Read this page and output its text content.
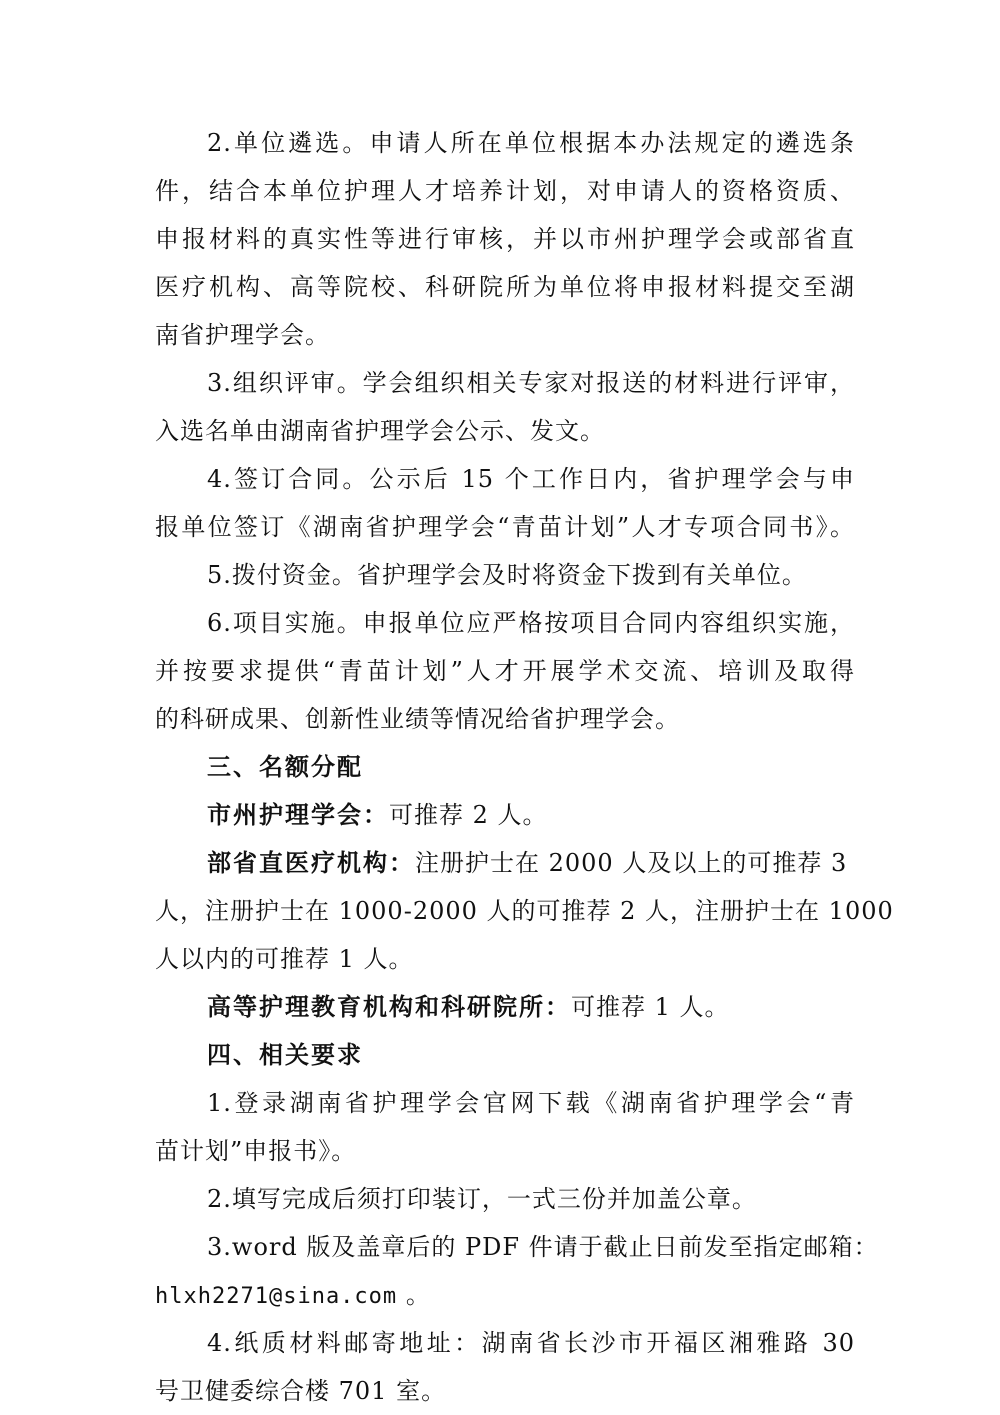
2.单位遴选。申请人所在单位根据本办法规定的遴选条
件，结合本单位护理人才培养计划，对申请人的资格资质、
申报材料的真实性等进行审核，并以市州护理学会或部省直
医疗机构、高等院校、科研院所为单位将申报材料提交至湖
南省护理学会。
3.组织评审。学会组织相关专家对报送的材料进行评审，
入选名单由湖南省护理学会公示、发文。
4.签订合同。公示后 15 个工作日内，省护理学会与申
报单位签订《湖南省护理学会“青苗计划”人才专项合同书》。
5.拨付资金。省护理学会及时将资金下拨到有关单位。
6.项目实施。申报单位应严格按项目合同内容组织实施，
并按要求提供“青苗计划”人才开展学术交流、培训及取得
的科研成果、创新性业绩等情况给省护理学会。
三、名额分配
市州护理学会：可推荐 2 人。
部省直医疗机构：注册护士在 2000 人及以上的可推荐 3
人，注册护士在 1000-2000 人的可推荐 2 人，注册护士在 1000
人以内的可推荐 1 人。
高等护理教育机构和科研院所：可推荐 1 人。
四、相关要求
1.登录湖南省护理学会官网下载《湖南省护理学会“青
苗计划”申报书》。
2.填写完成后须打印装订，一式三份并加盖公章。
3.word 版及盖章后的 PDF 件请于截止日前发至指定邮箱：
hlxh2271@sina.com 。
4.纸质材料邮寄地址：湖南省长沙市开福区湘雅路 30
号卫健委综合楼 701 室。
